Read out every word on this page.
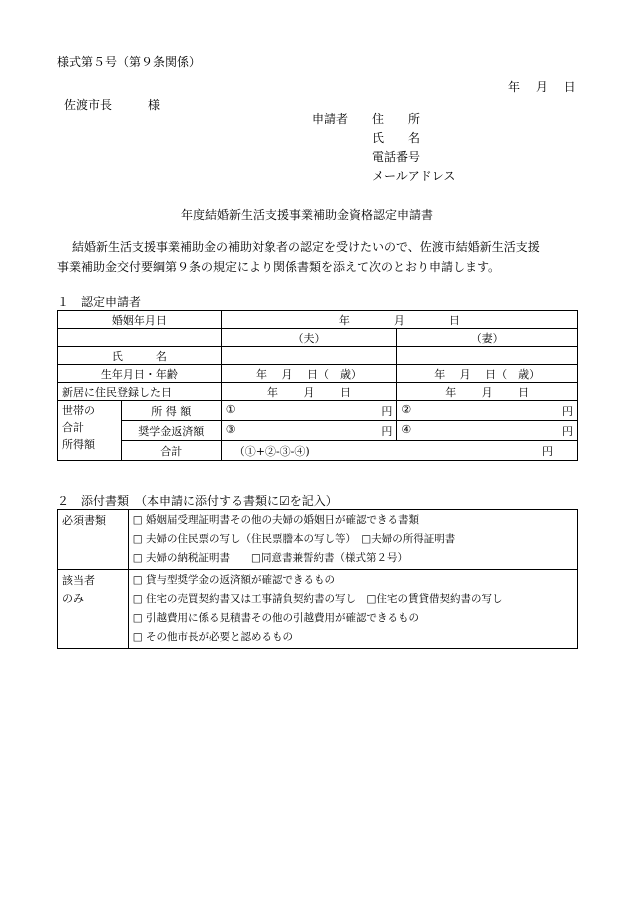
様式第５号（第９条関係）
年　 月　 日
佐渡市長　　　様
申請者 住　　所
氏　　名
電話番号
メールアドレス
年度結婚新生活支援事業補助金資格認定申請書
結婚新生活支援事業補助金の補助対象者の認定を受けたいので、佐渡市結婚新生活支援
事業補助金交付要綱第９条の規定により関係書類を添えて次のとおり申請します。
１　認定申請者
婚姻年月日		年　　　　月　　　　日	
		（夫）	（妻）
氏　　　名			
生年月日・年齢		年　 月　 日（　歳）	年　 月　 日（　歳）
新居に住民登録した日		年　　 月　　 日	年　　 月　　 日

世帯の
合計
所得額	所 得 額	① 円	② 円

	奨学金返済額	③ 円	④ 円

	合計	（①+②-③-④) 円	
２　添付書類　（本申請に添付する書類に☑を記入）
必須書類	□ 婚姻届受理証明書その他の夫婦の婚姻日が確認できる書類
□ 夫婦の住民票の写し（住民票謄本の写し等）　□夫婦の所得証明書
□ 夫婦の納税証明書　　□同意書兼誓約書（様式第２号）

該当者
のみ	□ 貸与型奨学金の返済額が確認できるもの
□ 住宅の売買契約書又は工事請負契約書の写し　□住宅の賃貸借契約書の写し
□ 引越費用に係る見積書その他の引越費用が確認できるもの
□ その他市長が必要と認めるもの
